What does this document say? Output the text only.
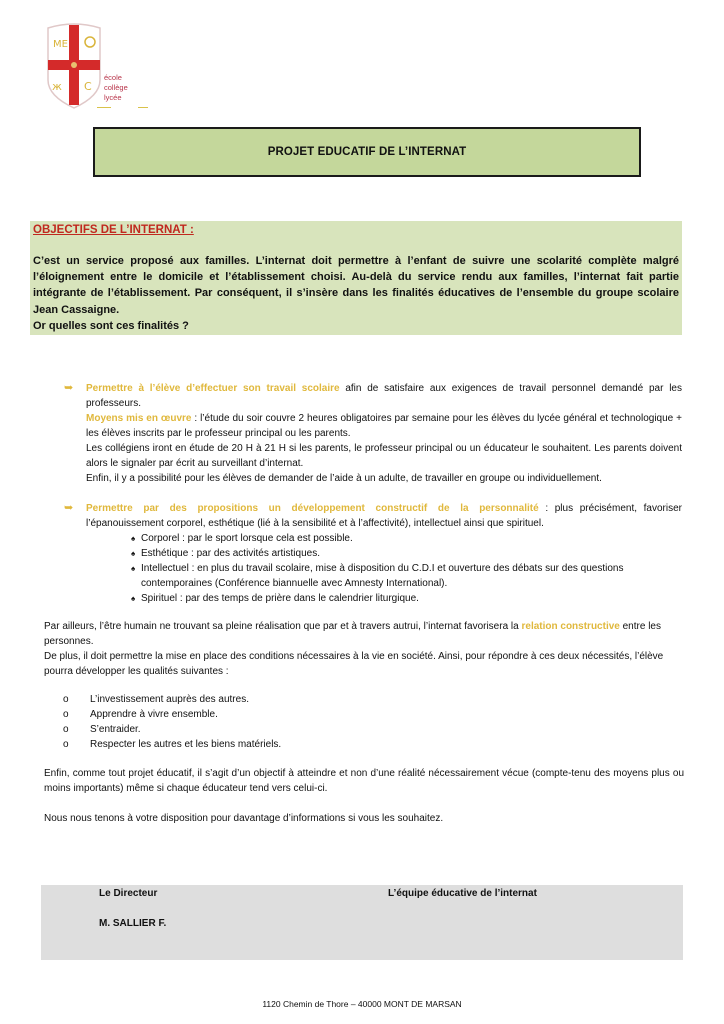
ME
ж C
école
collège
lycée
PROJET EDUCATIF DE L’INTERNAT
OBJECTIFS DE L’INTERNAT :
C’est un service proposé aux familles. L’internat doit permettre à l’enfant de suivre une scolarité complète malgré l’éloignement entre le domicile et l’établissement choisi. Au-delà du service rendu aux familles, l’internat fait partie intégrante de l’établissement. Par conséquent, il s’insère dans les finalités éducatives de l’ensemble du groupe scolaire Jean Cassaigne.
Or quelles sont ces finalités ?
➥ Permettre à l’élève d’effectuer son travail scolaire afin de satisfaire aux exigences de travail personnel demandé par les professeurs.
Moyens mis en œuvre : l’étude du soir couvre 2 heures obligatoires par semaine pour les élèves du lycée général et technologique + les élèves inscrits par le professeur principal ou les parents.
Les collégiens iront en étude de 20 H à 21 H si les parents, le professeur principal ou un éducateur le souhaitent. Les parents doivent alors le signaler par écrit au surveillant d’internat.
Enfin, il y a possibilité pour les élèves de demander de l’aide à un adulte, de travailler en groupe ou individuellement.
➥ Permettre par des propositions un développement constructif de la personnalité : plus précisément, favoriser l’épanouissement corporel, esthétique (lié à la sensibilité et à l’affectivité), intellectuel ainsi que spirituel.
♠ Corporel : par le sport lorsque cela est possible.
♠ Esthétique : par des activités artistiques.
♠ Intellectuel : en plus du travail scolaire, mise à disposition du C.D.I et ouverture des débats sur des questions contemporaines (Conférence biannuelle avec Amnesty International).
♠ Spirituel : par des temps de prière dans le calendrier liturgique.
Par ailleurs, l’être humain ne trouvant sa pleine réalisation que par et à travers autrui, l’internat favorisera la relation constructive entre les personnes.
De plus, il doit permettre la mise en place des conditions nécessaires à la vie en société. Ainsi, pour répondre à ces deux nécessités, l’élève pourra développer les qualités suivantes :
o L’investissement auprès des autres.
o Apprendre à vivre ensemble.
o S’entraider.
o Respecter les autres et les biens matériels.
Enfin, comme tout projet éducatif, il s’agit d’un objectif à atteindre et non d’une réalité nécessairement vécue (compte-tenu des moyens plus ou moins importants) même si chaque éducateur tend vers celui-ci.
Nous nous tenons à votre disposition pour davantage d’informations si vous les souhaitez.
Le Directeur
M. SALLIER F.
L’équipe éducative de l’internat
1120 Chemin de Thore – 40000 MONT DE MARSAN
